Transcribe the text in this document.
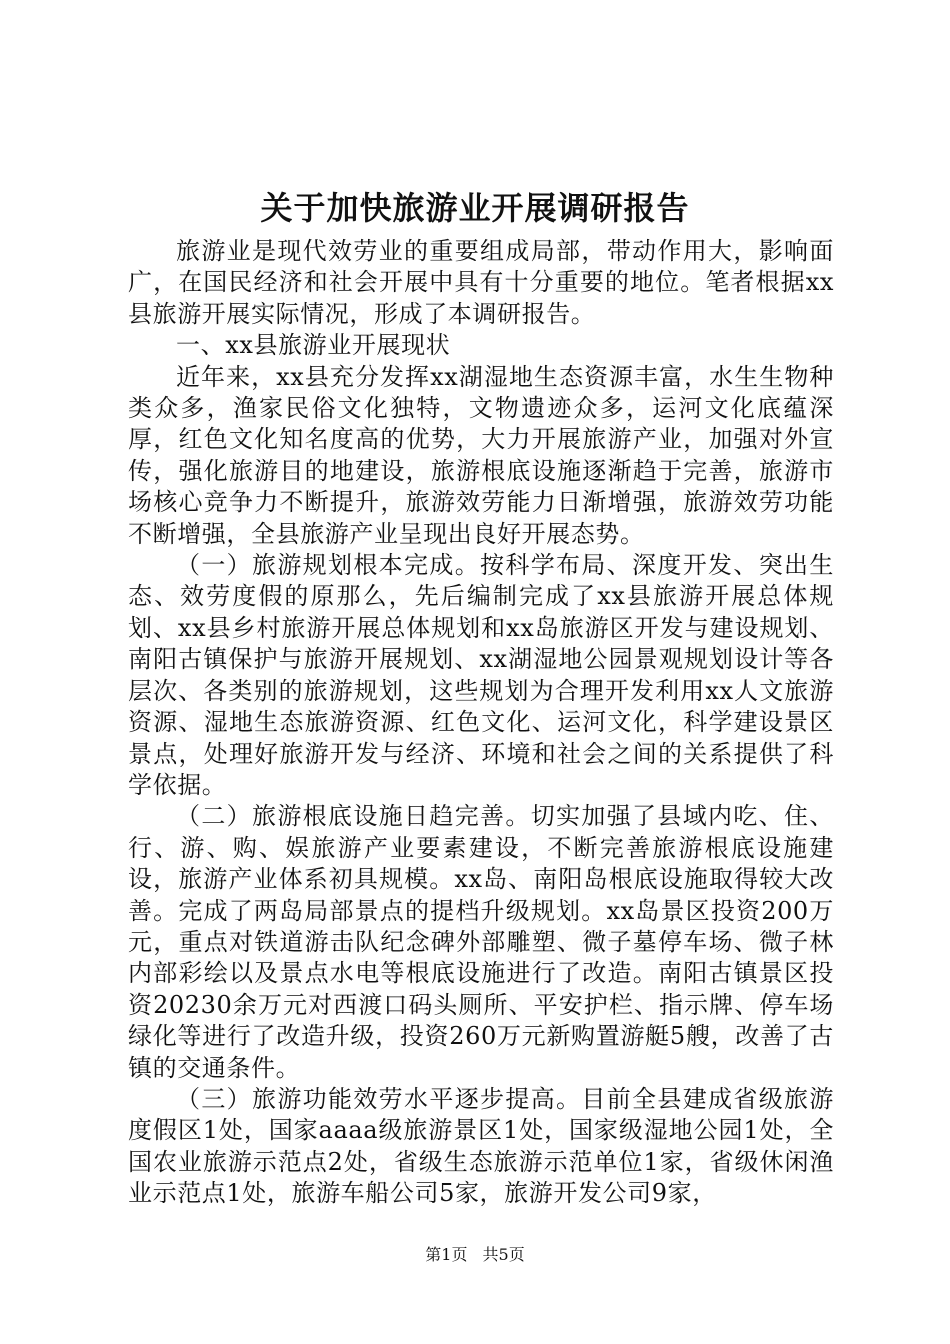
关于加快旅游业开展调研报告

旅游业是现代效劳业的重要组成局部，带动作用大，影响面广，在国民经济和社会开展中具有十分重要的地位。笔者根据xx县旅游开展实际情况，形成了本调研报告。

一、xx县旅游业开展现状

近年来，xx县充分发挥xx湖湿地生态资源丰富，水生生物种类众多，渔家民俗文化独特，文物遗迹众多，运河文化底蕴深厚，红色文化知名度高的优势，大力开展旅游产业，加强对外宣传，强化旅游目的地建设，旅游根底设施逐渐趋于完善，旅游市场核心竞争力不断提升，旅游效劳能力日渐增强，旅游效劳功能不断增强，全县旅游产业呈现出良好开展态势。

（一）旅游规划根本完成。按科学布局、深度开发、突出生态、效劳度假的原那么，先后编制完成了xx县旅游开展总体规划、xx县乡村旅游开展总体规划和xx岛旅游区开发与建设规划、南阳古镇保护与旅游开展规划、xx湖湿地公园景观规划设计等各层次、各类别的旅游规划，这些规划为合理开发利用xx人文旅游资源、湿地生态旅游资源、红色文化、运河文化，科学建设景区景点，处理好旅游开发与经济、环境和社会之间的关系提供了科学依据。

（二）旅游根底设施日趋完善。切实加强了县域内吃、住、行、游、购、娱旅游产业要素建设，不断完善旅游根底设施建设，旅游产业体系初具规模。xx岛、南阳岛根底设施取得较大改善。完成了两岛局部景点的提档升级规划。xx岛景区投资200万元，重点对铁道游击队纪念碑外部雕塑、微子墓停车场、微子林内部彩绘以及景点水电等根底设施进行了改造。南阳古镇景区投资20230余万元对西渡口码头厕所、平安护栏、指示牌、停车场绿化等进行了改造升级，投资260万元新购置游艇5艘，改善了古镇的交通条件。

（三）旅游功能效劳水平逐步提高。目前全县建成省级旅游度假区1处，国家aaaa级旅游景区1处，国家级湿地公园1处，全国农业旅游示范点2处，省级生态旅游示范单位1家，省级休闲渔业示范点1处，旅游车船公司5家，旅游开发公司9家，

第1页 共5页
